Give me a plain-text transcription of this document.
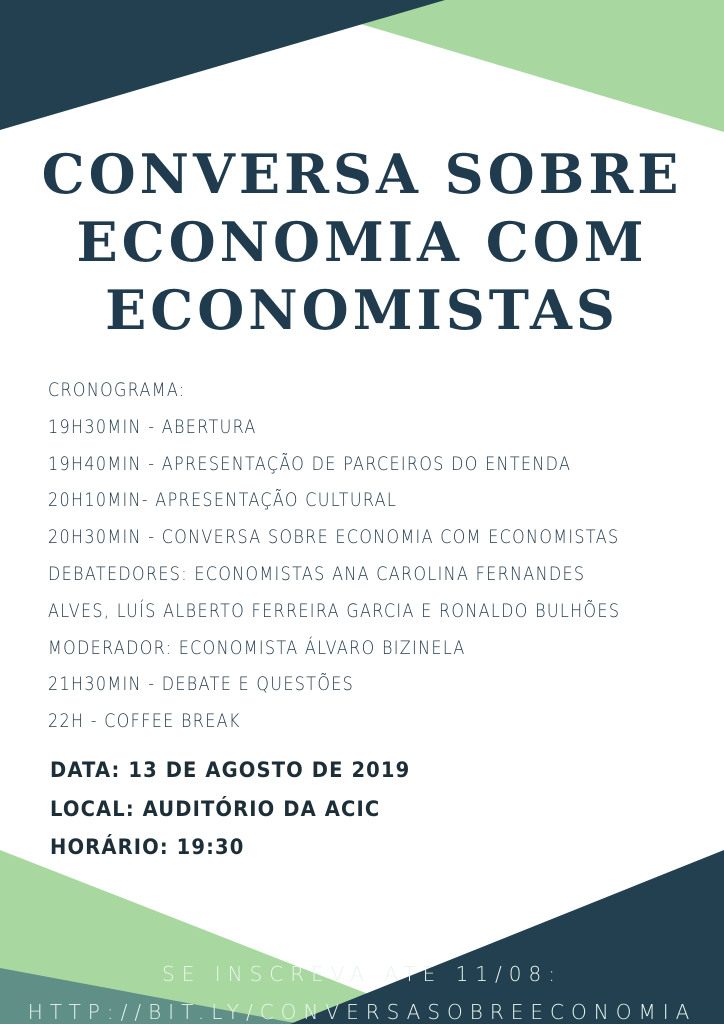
CONVERSA SOBRE
ECONOMIA COM
ECONOMISTAS
CRONOGRAMA:
19H30MIN - ABERTURA
19H40MIN - APRESENTAÇÃO DE PARCEIROS DO ENTENDA
20H10MIN- APRESENTAÇÃO CULTURAL
20H30MIN - CONVERSA SOBRE ECONOMIA COM ECONOMISTAS
DEBATEDORES: ECONOMISTAS ANA CAROLINA FERNANDES
ALVES, LUÍS ALBERTO FERREIRA GARCIA E RONALDO BULHÕES
MODERADOR: ECONOMISTA ÁLVARO BIZINELA
21H30MIN - DEBATE E QUESTÕES
22H - COFFEE BREAK
DATA: 13 DE AGOSTO DE 2019
LOCAL: AUDITÓRIO DA ACIC
HORÁRIO: 19:30
SE INSCREVA ATÉ 11/08:
HTTP://BIT.LY/CONVERSASOBREECONOMIA
